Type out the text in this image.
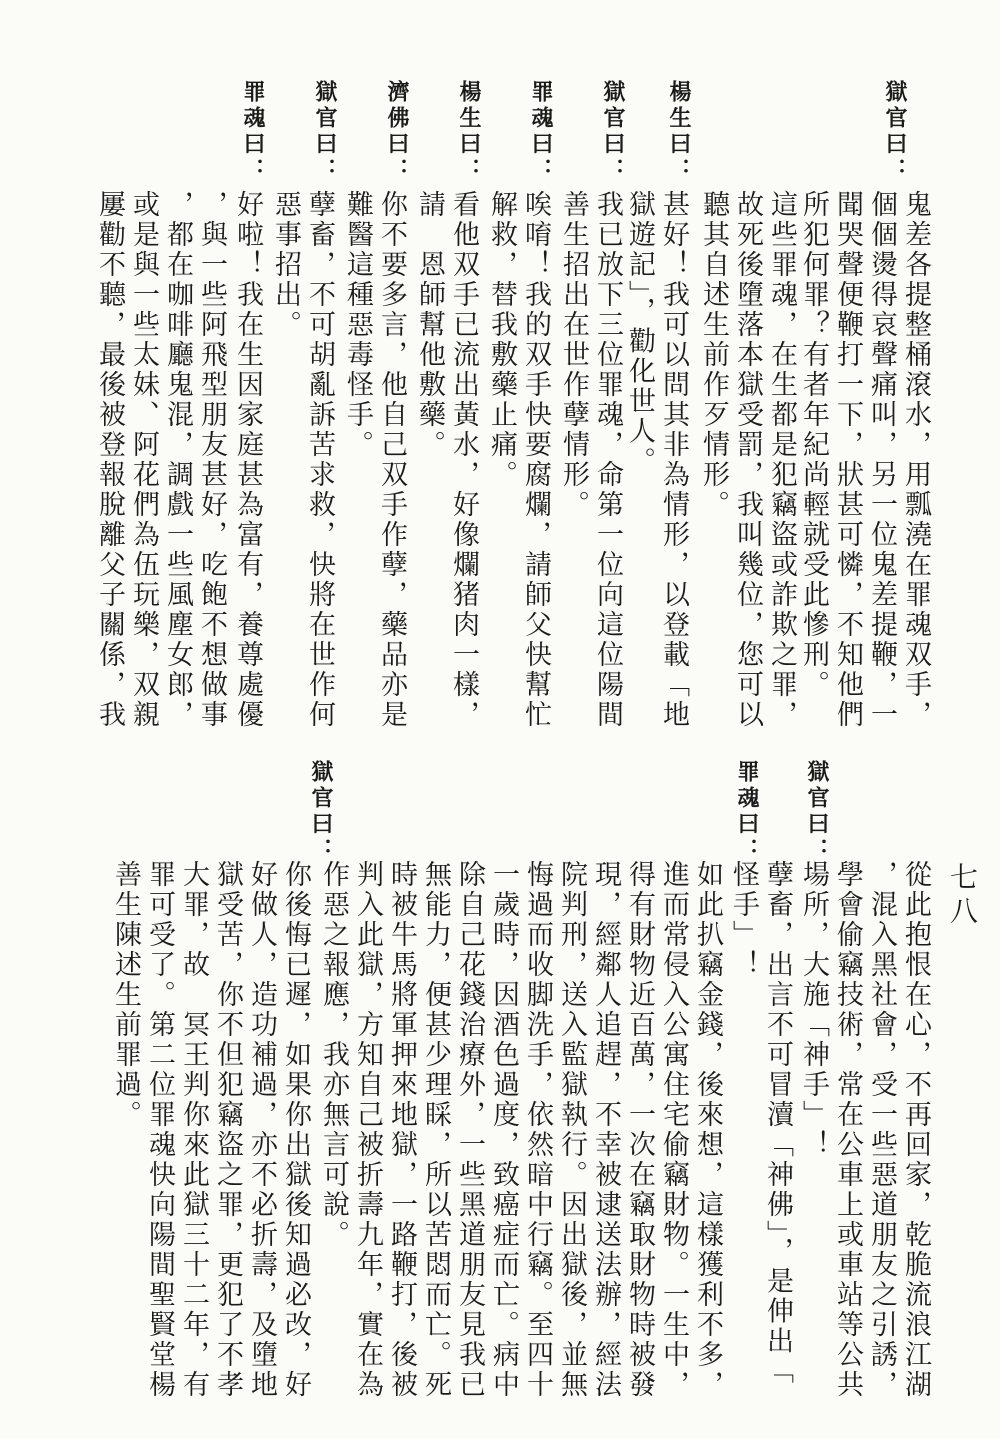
七八
獄官曰：
楊生曰：
獄官曰：
罪魂曰：
楊生曰：
濟佛曰：
獄官曰：
罪魂曰：
鬼差各提整桶滾水，用瓢澆在罪魂双手，
個個燙得哀聲痛叫，另一位鬼差提鞭，一
聞哭聲便鞭打一下，狀甚可憐，不知他們
所犯何罪？有者年紀尚輕就受此慘刑。
這些罪魂，在生都是犯竊盜或詐欺之罪，
故死後墮落本獄受罰，我叫幾位，您可以
聽其自述生前作歹情形。
甚好！我可以問其非為情形，以登載「地
獄遊記」，勸化世人。
我已放下三位罪魂，命第一位向這位陽間
善生招出在世作孽情形。
唉唷！我的双手快要腐爛，請師父快幫忙
解救，替我敷藥止痛。
看他双手已流出黃水，好像爛猪肉一樣，
請　恩師幫他敷藥。
你不要多言，他自己双手作孽，藥品亦是
難醫這種惡毒怪手。
孽畜，不可胡亂訴苦求救，快將在世作何
惡事招出。
好啦！我在生因家庭甚為富有，養尊處優
，與一些阿飛型朋友甚好，吃飽不想做事
，都在咖啡廳鬼混，調戲一些風塵女郎，
或是與一些太妹、阿花們為伍玩樂，双親
屢勸不聽，最後被登報脫離父子關係，我
獄官曰：
罪魂曰：
獄官曰：
從此抱恨在心，不再回家，乾脆流浪江湖
，混入黑社會，受一些惡道朋友之引誘，
學會偷竊技術，常在公車上或車站等公共
場所，大施「神手」！
孽畜，出言不可冒瀆「神佛」，是伸出「
怪手」！
如此扒竊金錢，後來想，這樣獲利不多，
進而常侵入公寓住宅偷竊財物。一生中，
得有財物近百萬，一次在竊取財物時被發
現，經鄰人追趕，不幸被逮送法辦，經法
院判刑，送入監獄執行。因出獄後，並無
悔過而收脚洗手，依然暗中行竊。至四十
一歲時，因酒色過度，致癌症而亡。病中
除自己花錢治療外，一些黑道朋友見我已
無能力，便甚少理睬，所以苦悶而亡。死
時被牛馬將軍押來地獄，一路鞭打，後被
判入此獄，方知自己被折壽九年，實在為
作惡之報應，我亦無言可說。
你後悔已遲，如果你出獄後知過必改，好
好做人，造功補過，亦不必折壽，及墮地
獄受苦，你不但犯竊盜之罪，更犯了不孝
大罪，故　冥王判你來此獄三十二年，有
罪可受了。第二位罪魂快向陽間聖賢堂楊
善生陳述生前罪過。
